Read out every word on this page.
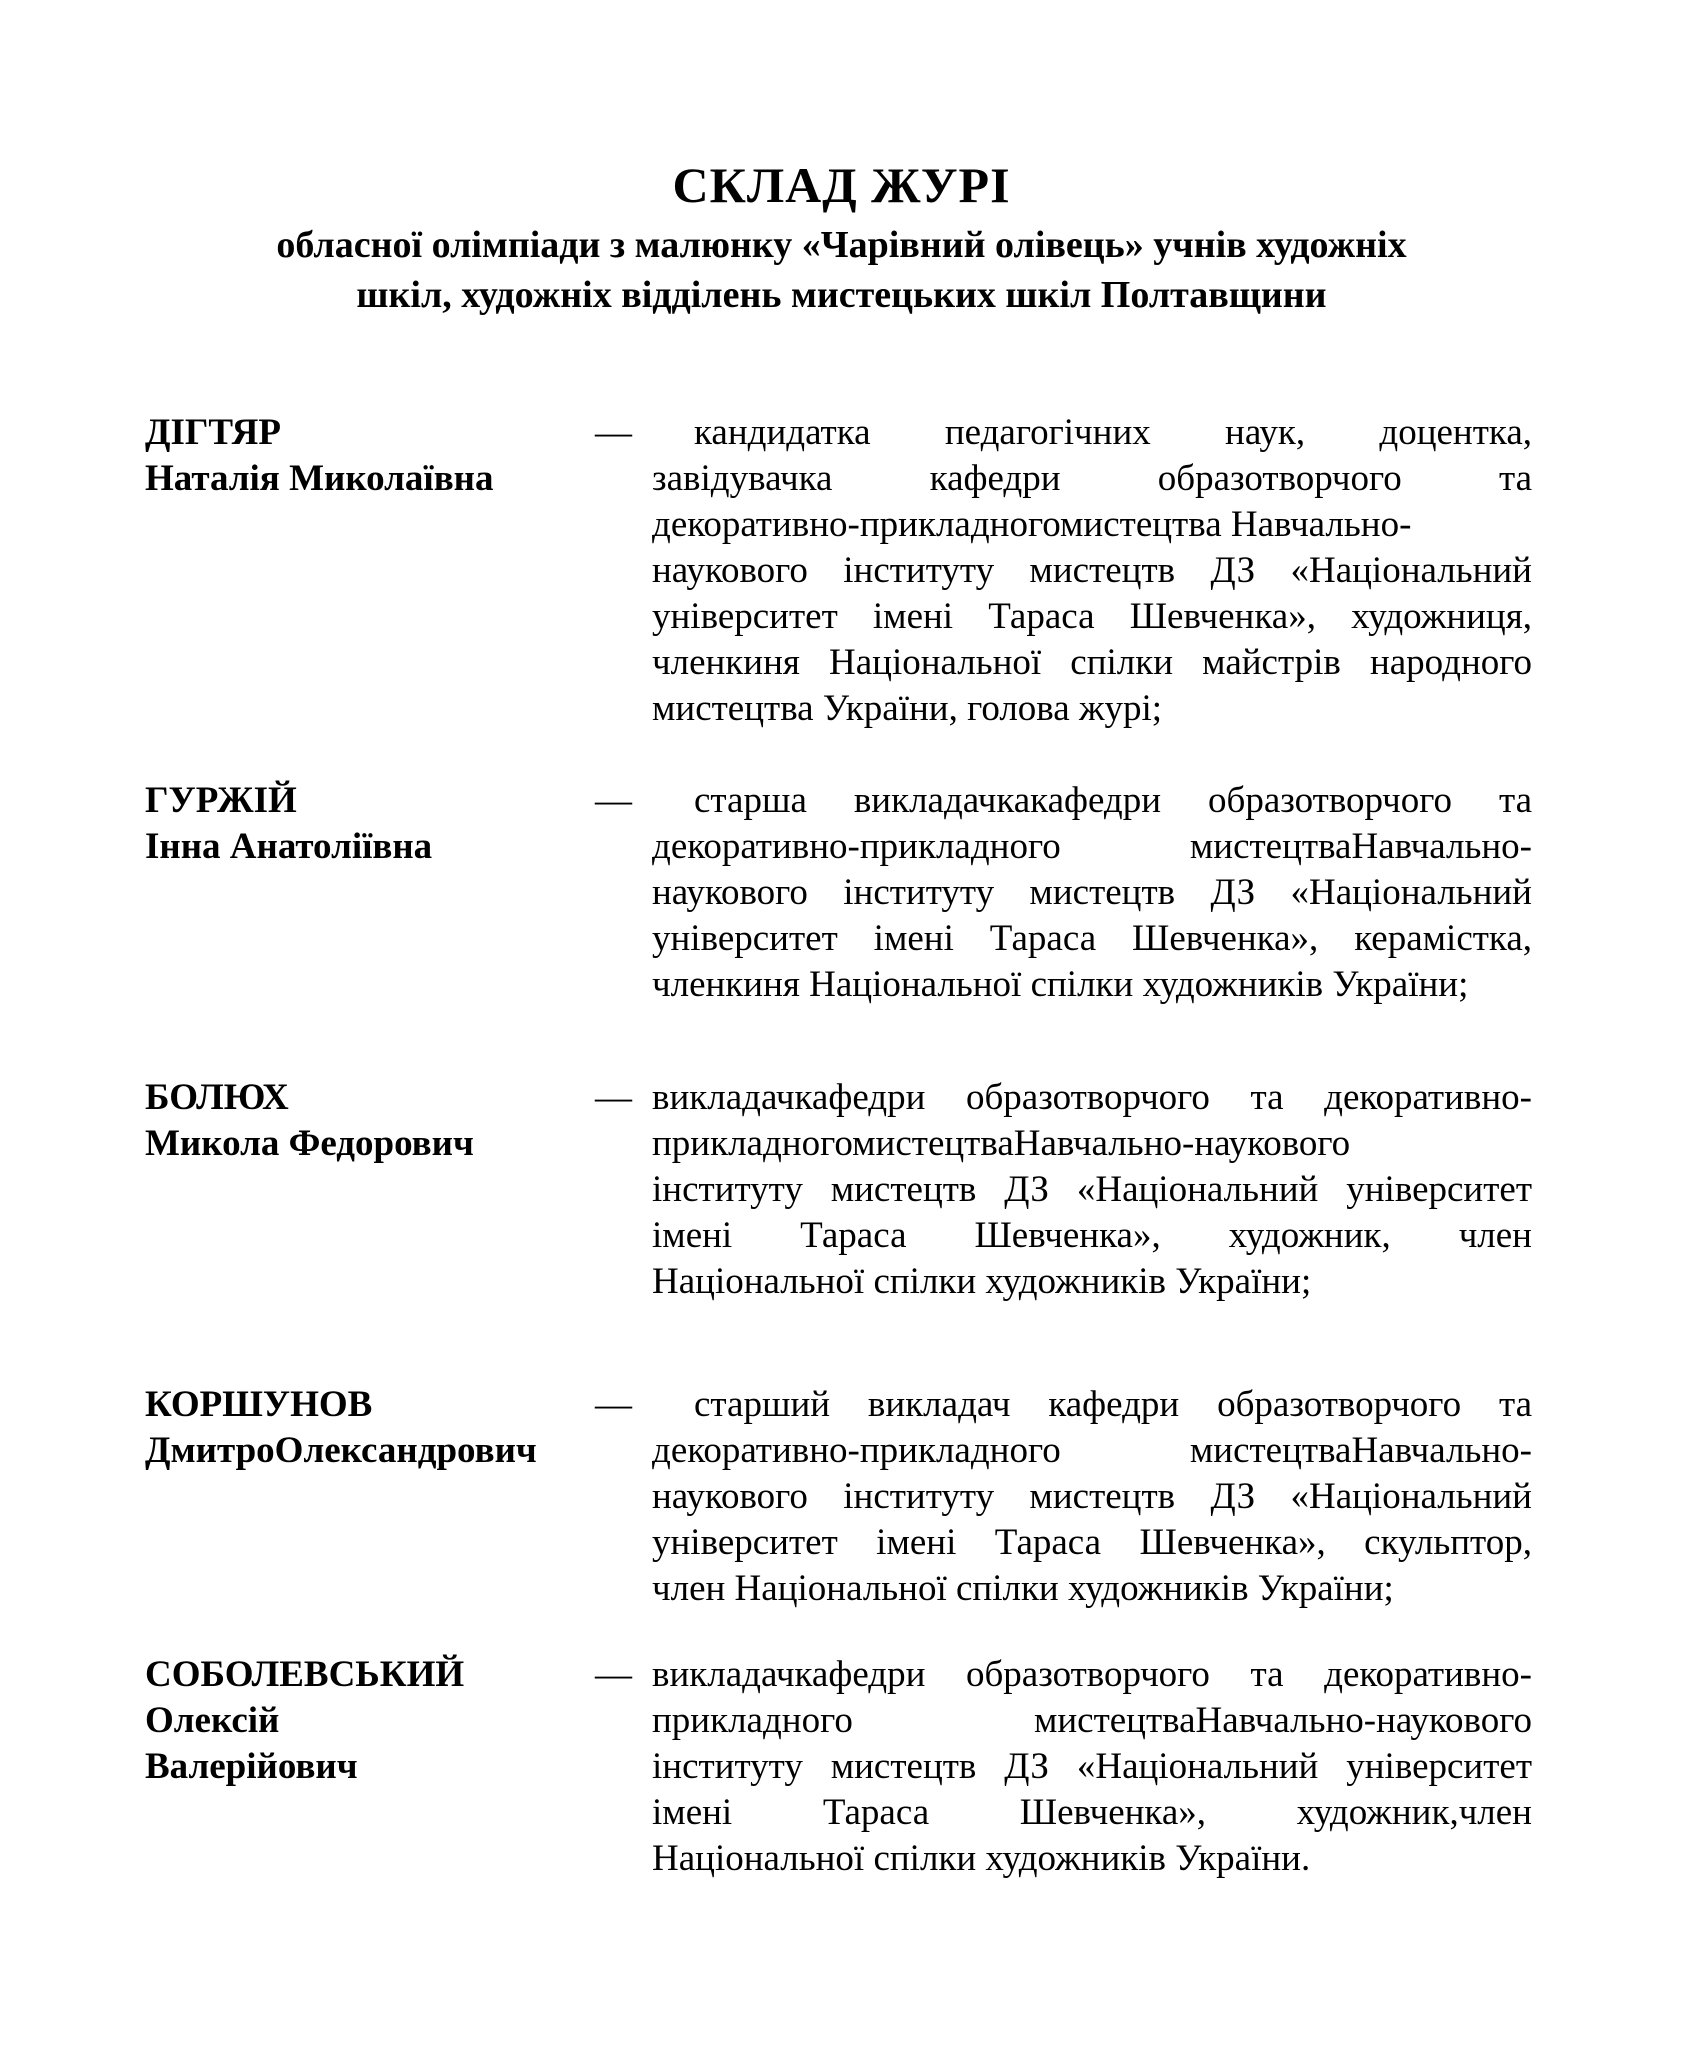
СКЛАД ЖУРІ
обласної олімпіади з малюнку «Чарівний олівець» учнів художніх
шкіл, художніх відділень мистецьких шкіл Полтавщини
ДІГТЯР
Наталія Миколаївна
—	кандидатка педагогічних наук, доцентка,
завідувачка кафедри образотворчого та
декоративно-прикладногомистецтва Навчально-
наукового інституту мистецтв ДЗ «Національний
університет імені Тараса Шевченка», художниця,
членкиня Національної спілки майстрів народного
мистецтва України, голова журі;
ГУРЖІЙ
Інна Анатоліївна
—	старша викладачкакафедри образотворчого та
декоративно-прикладного мистецтваНавчально-
наукового інституту мистецтв ДЗ «Національний
університет імені Тараса Шевченка», керамістка,
членкиня Національної спілки художників України;
БОЛЮХ
Микола Федорович
— викладачкафедри образотворчого та декоративно-
прикладногомистецтваНавчально-наукового
інституту мистецтв ДЗ «Національний університет
імені Тараса Шевченка», художник, член
Національної спілки художників України;
КОРШУНОВ
ДмитроОлександрович
—	старший викладач кафедри образотворчого та
декоративно-прикладного мистецтваНавчально-
наукового інституту мистецтв ДЗ «Національний
університет імені Тараса Шевченка», скульптор,
член Національної спілки художників України;
СОБОЛЕВСЬКИЙ
Олексій
Валерійович
— викладачкафедри образотворчого та декоративно-
прикладного мистецтваНавчально-наукового
інституту мистецтв ДЗ «Національний університет
імені Тараса Шевченка», художник,член
Національної спілки художників України.
